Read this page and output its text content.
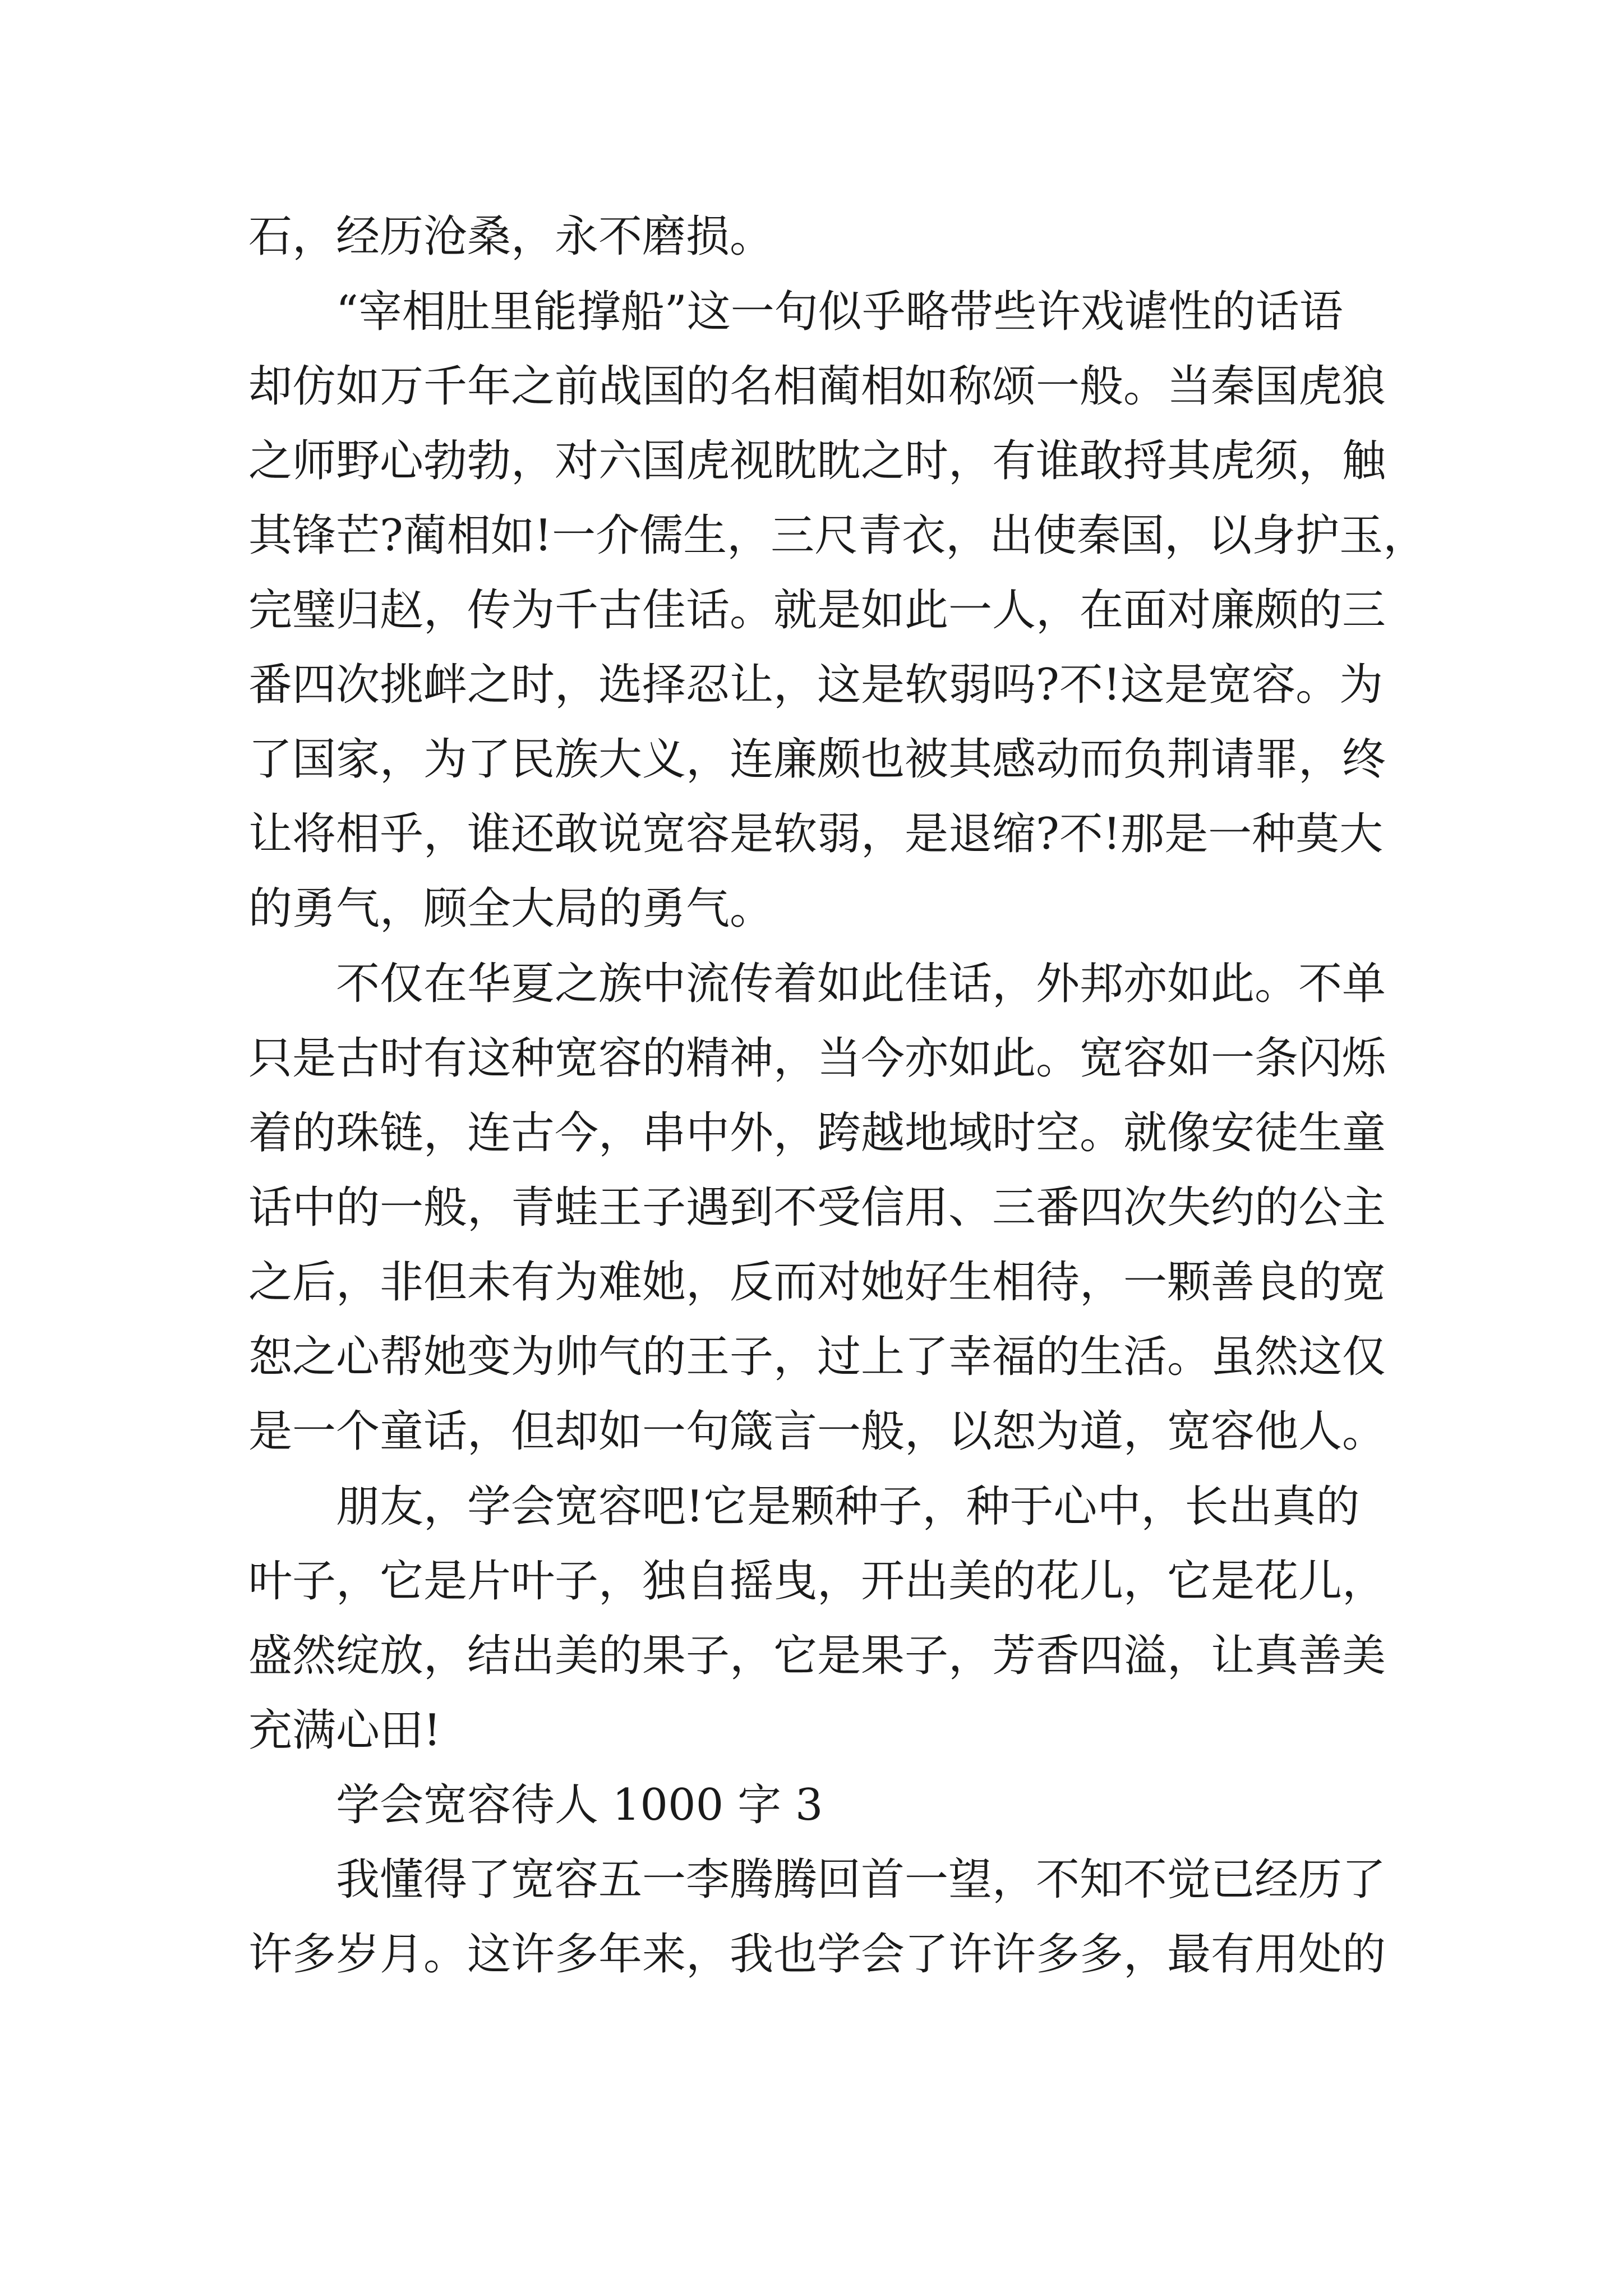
石，经历沧桑，永不磨损。

“宰相肚里能撑船”这一句似乎略带些许戏谑性的话语

却仿如万千年之前战国的名相蔺相如称颂一般。当秦国虎狼

之师野心勃勃，对六国虎视眈眈之时，有谁敢捋其虎须，触

其锋芒?蔺相如!一介儒生，三尺青衣，出使秦国，以身护玉，

完璧归赵，传为千古佳话。就是如此一人，在面对廉颇的三

番四次挑衅之时，选择忍让，这是软弱吗?不!这是宽容。为

了国家，为了民族大义，连廉颇也被其感动而负荆请罪，终

让将相乎，谁还敢说宽容是软弱，是退缩?不!那是一种莫大

的勇气，顾全大局的勇气。

不仅在华夏之族中流传着如此佳话，外邦亦如此。不单

只是古时有这种宽容的精神，当今亦如此。宽容如一条闪烁

着的珠链，连古今，串中外，跨越地域时空。就像安徒生童

话中的一般，青蛙王子遇到不受信用、三番四次失约的公主

之后，非但未有为难她，反而对她好生相待，一颗善良的宽

恕之心帮她变为帅气的王子，过上了幸福的生活。虽然这仅

是一个童话，但却如一句箴言一般，以恕为道，宽容他人。

朋友，学会宽容吧!它是颗种子，种于心中，长出真的

叶子，它是片叶子，独自摇曳，开出美的花儿，它是花儿，

盛然绽放，结出美的果子，它是果子，芳香四溢，让真善美

充满心田!

学会宽容待人 1000 字 3

我懂得了宽容五一李腾腾回首一望，不知不觉已经历了

许多岁月。这许多年来，我也学会了许许多多，最有用处的
